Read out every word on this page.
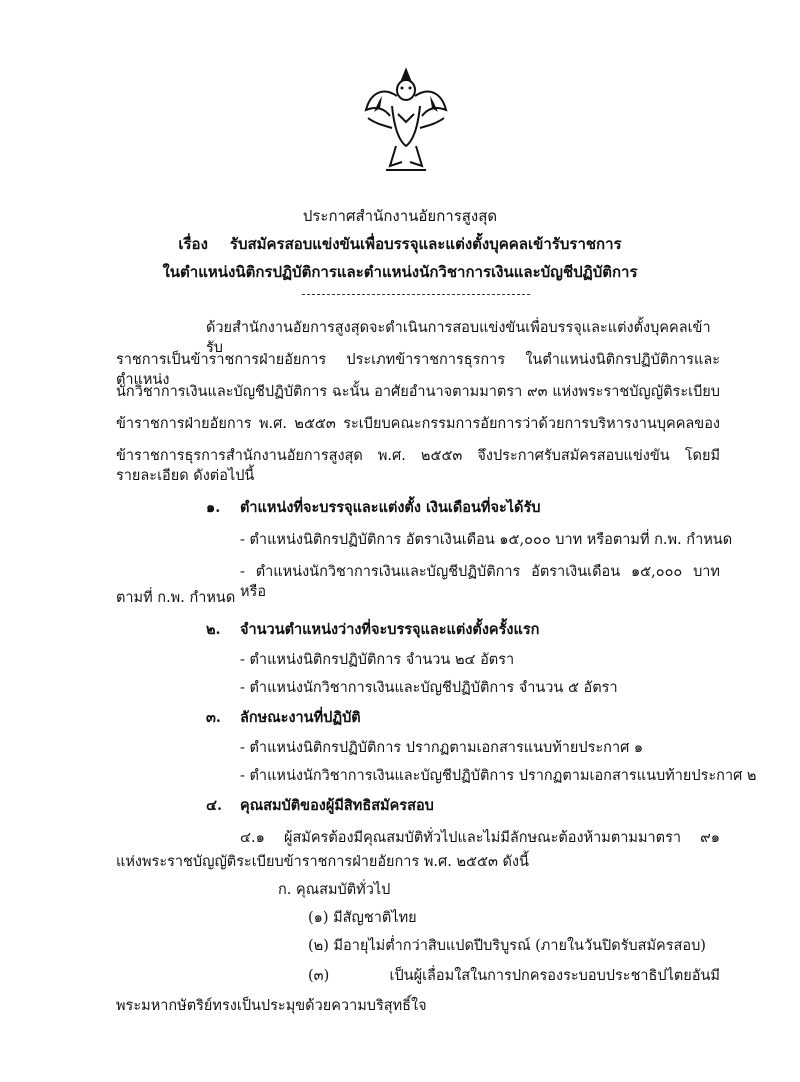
ประกาศสำนักงานอัยการสูงสุด
เรื่อง รับสมัครสอบแข่งขันเพื่อบรรจุและแต่งตั้งบุคคลเข้ารับราชการ
ในตำแหน่งนิติกรปฏิบัติการและตำแหน่งนักวิชาการเงินและบัญชีปฏิบัติการ
ด้วยสำนักงานอัยการสูงสุดจะดำเนินการสอบแข่งขันเพื่อบรรจุและแต่งตั้งบุคคลเข้ารับ
ราชการเป็นข้าราชการฝ่ายอัยการ ประเภทข้าราชการธุรการ ในตำแหน่งนิติกรปฏิบัติการและตำแหน่ง
นักวิชาการเงินและบัญชีปฏิบัติการ ฉะนั้น อาศัยอำนาจตามมาตรา ๙๓ แห่งพระราชบัญญัติระเบียบ
ข้าราชการฝ่ายอัยการ พ.ศ. ๒๕๕๓ ระเบียบคณะกรรมการอัยการว่าด้วยการบริหารงานบุคคลของ
ข้าราชการธุรการสำนักงานอัยการสูงสุด พ.ศ. ๒๕๕๓ จึงประกาศรับสมัครสอบแข่งขัน โดยมี
รายละเอียด ดังต่อไปนี้
๑. ตำแหน่งที่จะบรรจุและแต่งตั้ง เงินเดือนที่จะได้รับ
- ตำแหน่งนิติกรปฏิบัติการ อัตราเงินเดือน ๑๕,๐๐๐ บาท หรือตามที่ ก.พ. กำหนด
- ตำแหน่งนักวิชาการเงินและบัญชีปฏิบัติการ อัตราเงินเดือน ๑๕,๐๐๐ บาท หรือ
ตามที่ ก.พ. กำหนด
๒. จำนวนตำแหน่งว่างที่จะบรรจุและแต่งตั้งครั้งแรก
- ตำแหน่งนิติกรปฏิบัติการ จำนวน ๒๔ อัตรา
- ตำแหน่งนักวิชาการเงินและบัญชีปฏิบัติการ จำนวน ๕ อัตรา
๓. ลักษณะงานที่ปฏิบัติ
- ตำแหน่งนิติกรปฏิบัติการ ปรากฏตามเอกสารแนบท้ายประกาศ ๑
- ตำแหน่งนักวิชาการเงินและบัญชีปฏิบัติการ ปรากฏตามเอกสารแนบท้ายประกาศ ๒
๔. คุณสมบัติของผู้มีสิทธิสมัครสอบ
๔.๑ ผู้สมัครต้องมีคุณสมบัติทั่วไปและไม่มีลักษณะต้องห้ามตามมาตรา ๙๑
แห่งพระราชบัญญัติระเบียบข้าราชการฝ่ายอัยการ พ.ศ. ๒๕๕๓ ดังนี้
ก. คุณสมบัติทั่วไป
(๑) มีสัญชาติไทย
(๒) มีอายุไม่ต่ำกว่าสิบแปดปีบริบูรณ์ (ภายในวันปิดรับสมัครสอบ)
(๓) เป็นผู้เลื่อมใสในการปกครองระบอบประชาธิปไตยอันมี
พระมหากษัตริย์ทรงเป็นประมุขด้วยความบริสุทธิ์ใจ
